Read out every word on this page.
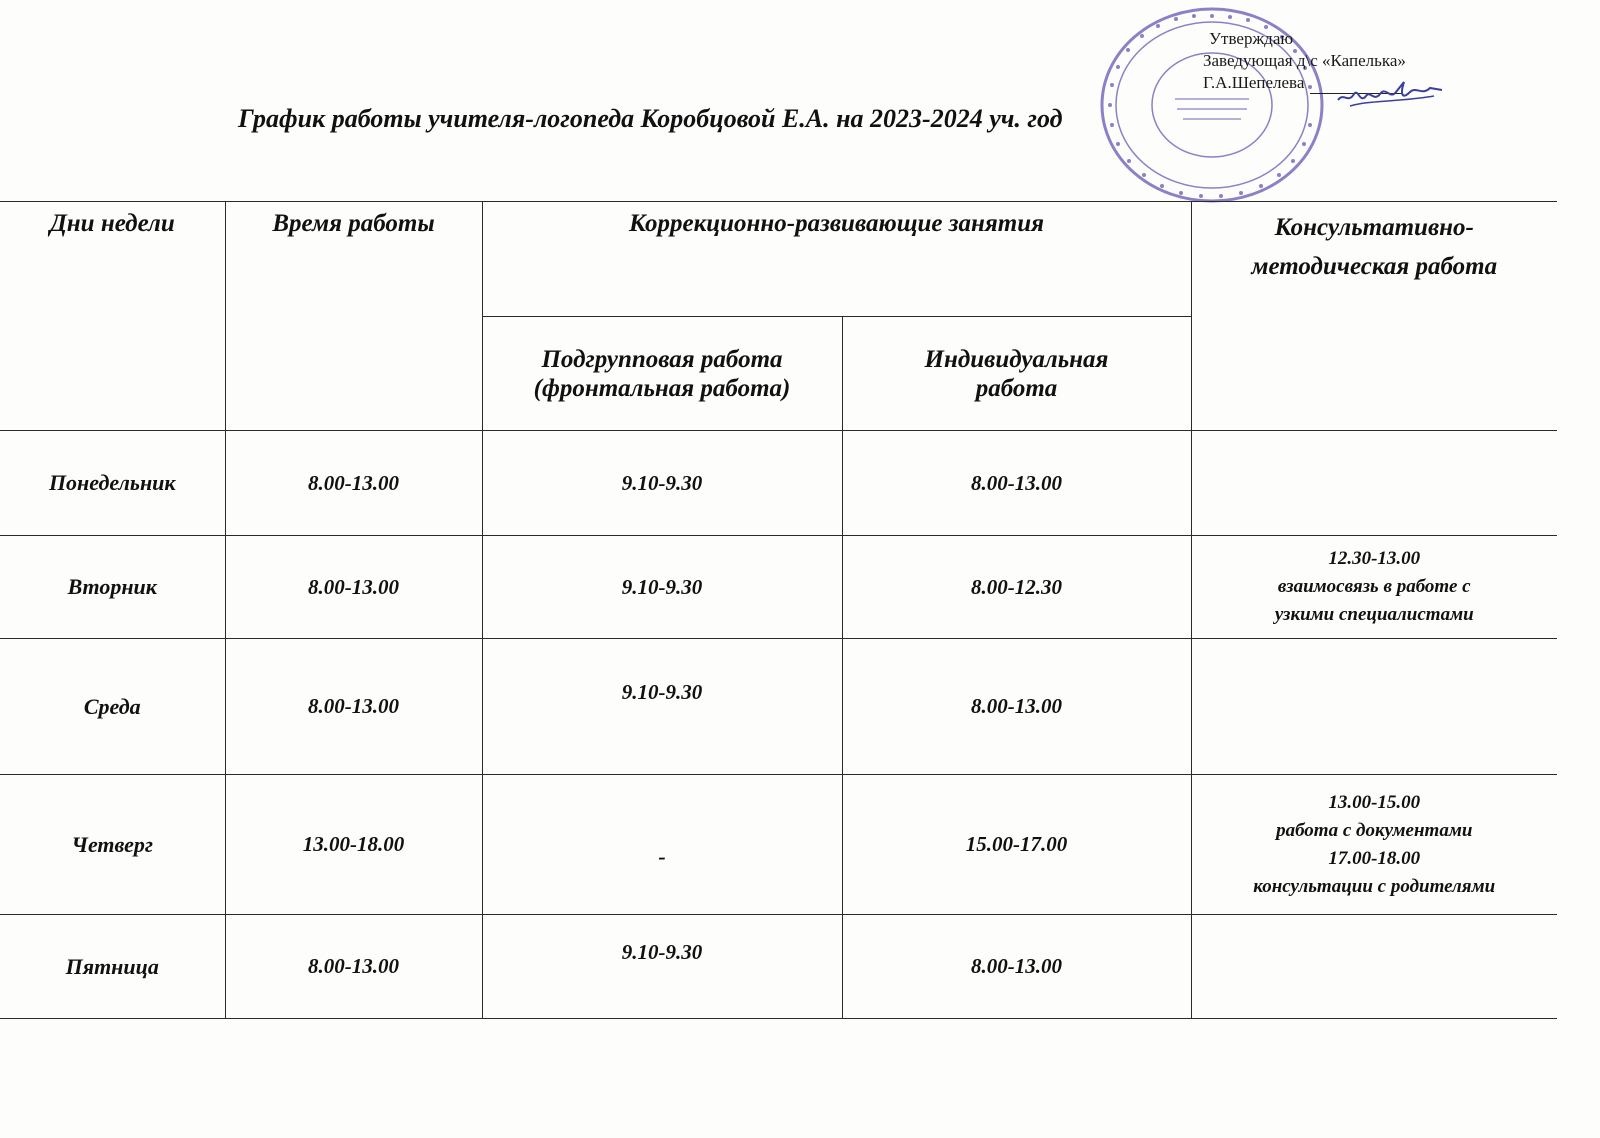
Утверждаю
Заведующая д\с «Капелька»
Г.А.Шепелева
График работы учителя-логопеда Коробцовой Е.А. на 2023-2024 уч. год
Дни недели	Время работы	Коррекционно-развивающие занятия		Консультативно-методическая работа

		Подгрупповая работа (фронтальная работа)	Индивидуальная работа	

Понедельник	8.00-13.00	9.10-9.30	8.00-13.00	
Вторник	8.00-13.00	9.10-9.30	8.00-12.30	12.30-13.00
взаимосвязь в работе с
узкими специалистами

Среда	8.00-13.00	9.10-9.30	8.00-13.00	
Четверг	13.00-18.00	-	15.00-17.00	13.00-15.00
работа с документами
17.00-18.00
консультации с родителями

Пятница	8.00-13.00	9.10-9.30	8.00-13.00	
